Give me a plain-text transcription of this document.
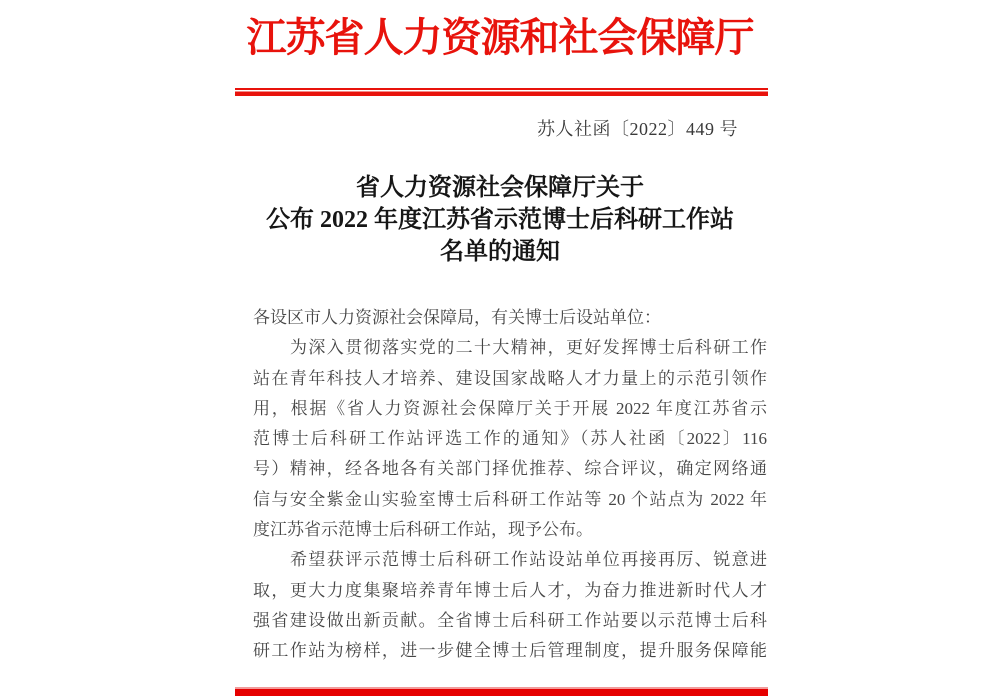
江苏省人力资源和社会保障厅
苏人社函〔2022〕449 号
省人力资源社会保障厅关于
公布 2022 年度江苏省示范博士后科研工作站
名单的通知
各设区市人力资源社会保障局，有关博士后设站单位：
为深入贯彻落实党的二十大精神，更好发挥博士后科研工作
站在青年科技人才培养、建设国家战略人才力量上的示范引领作
用，根据《省人力资源社会保障厅关于开展 2022 年度江苏省示
范博士后科研工作站评选工作的通知》（苏人社函〔2022〕116
号）精神，经各地各有关部门择优推荐、综合评议，确定网络通
信与安全紫金山实验室博士后科研工作站等 20 个站点为 2022 年
度江苏省示范博士后科研工作站，现予公布。
希望获评示范博士后科研工作站设站单位再接再厉、锐意进
取，更大力度集聚培养青年博士后人才，为奋力推进新时代人才
强省建设做出新贡献。全省博士后科研工作站要以示范博士后科
研工作站为榜样，进一步健全博士后管理制度，提升服务保障能
